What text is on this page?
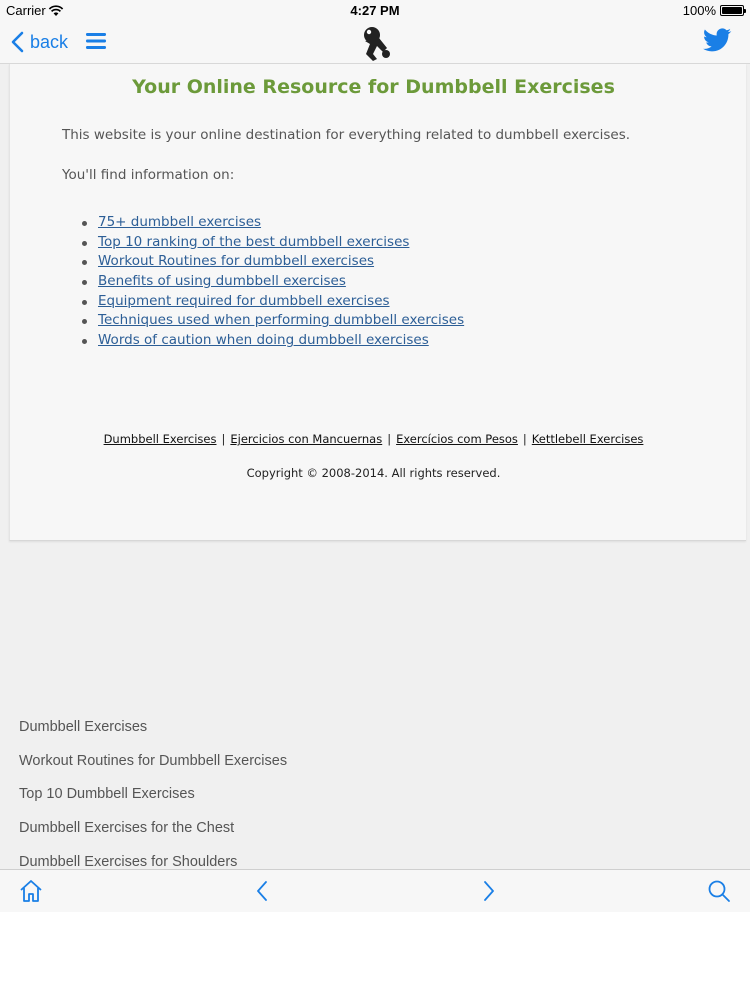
Carrier	4:27 PM	100%
back
Your Online Resource for Dumbbell Exercises
This website is your online destination for everything related to dumbbell exercises.
You'll find information on:
75+ dumbbell exercises
Top 10 ranking of the best dumbbell exercises
Workout Routines for dumbbell exercises
Benefits of using dumbbell exercises
Equipment required for dumbbell exercises
Techniques used when performing dumbbell exercises
Words of caution when doing dumbbell exercises
Dumbbell Exercises | Ejercicios con Mancuernas | Exercícios com Pesos | Kettlebell Exercises
Copyright © 2008-2014. All rights reserved.
Dumbbell Exercises
Workout Routines for Dumbbell Exercises
Top 10 Dumbbell Exercises
Dumbbell Exercises for the Chest
Dumbbell Exercises for Shoulders
